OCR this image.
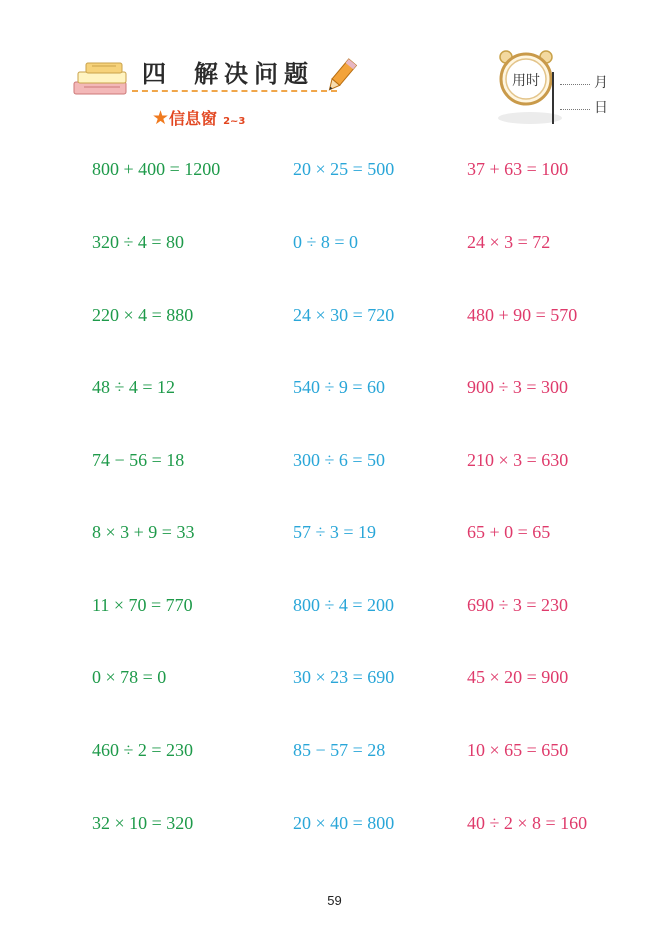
四 解决问题
★信息窗 2~3
用时	月
日
800 + 400 = 1200
320 ÷ 4 = 80
220 × 4 = 880
48 ÷ 4 = 12
74 − 56 = 18
8 × 3 + 9 = 33
11 × 70 = 770
0 × 78 = 0
460 ÷ 2 = 230
32 × 10 = 320
20 × 25 = 500
0 ÷ 8 = 0
24 × 30 = 720
540 ÷ 9 = 60
300 ÷ 6 = 50
57 ÷ 3 = 19
800 ÷ 4 = 200
30 × 23 = 690
85 − 57 = 28
20 × 40 = 800
37 + 63 = 100
24 × 3 = 72
480 + 90 = 570
900 ÷ 3 = 300
210 × 3 = 630
65 + 0 = 65
690 ÷ 3 = 230
45 × 20 = 900
10 × 65 = 650
40 ÷ 2 × 8 = 160
59
